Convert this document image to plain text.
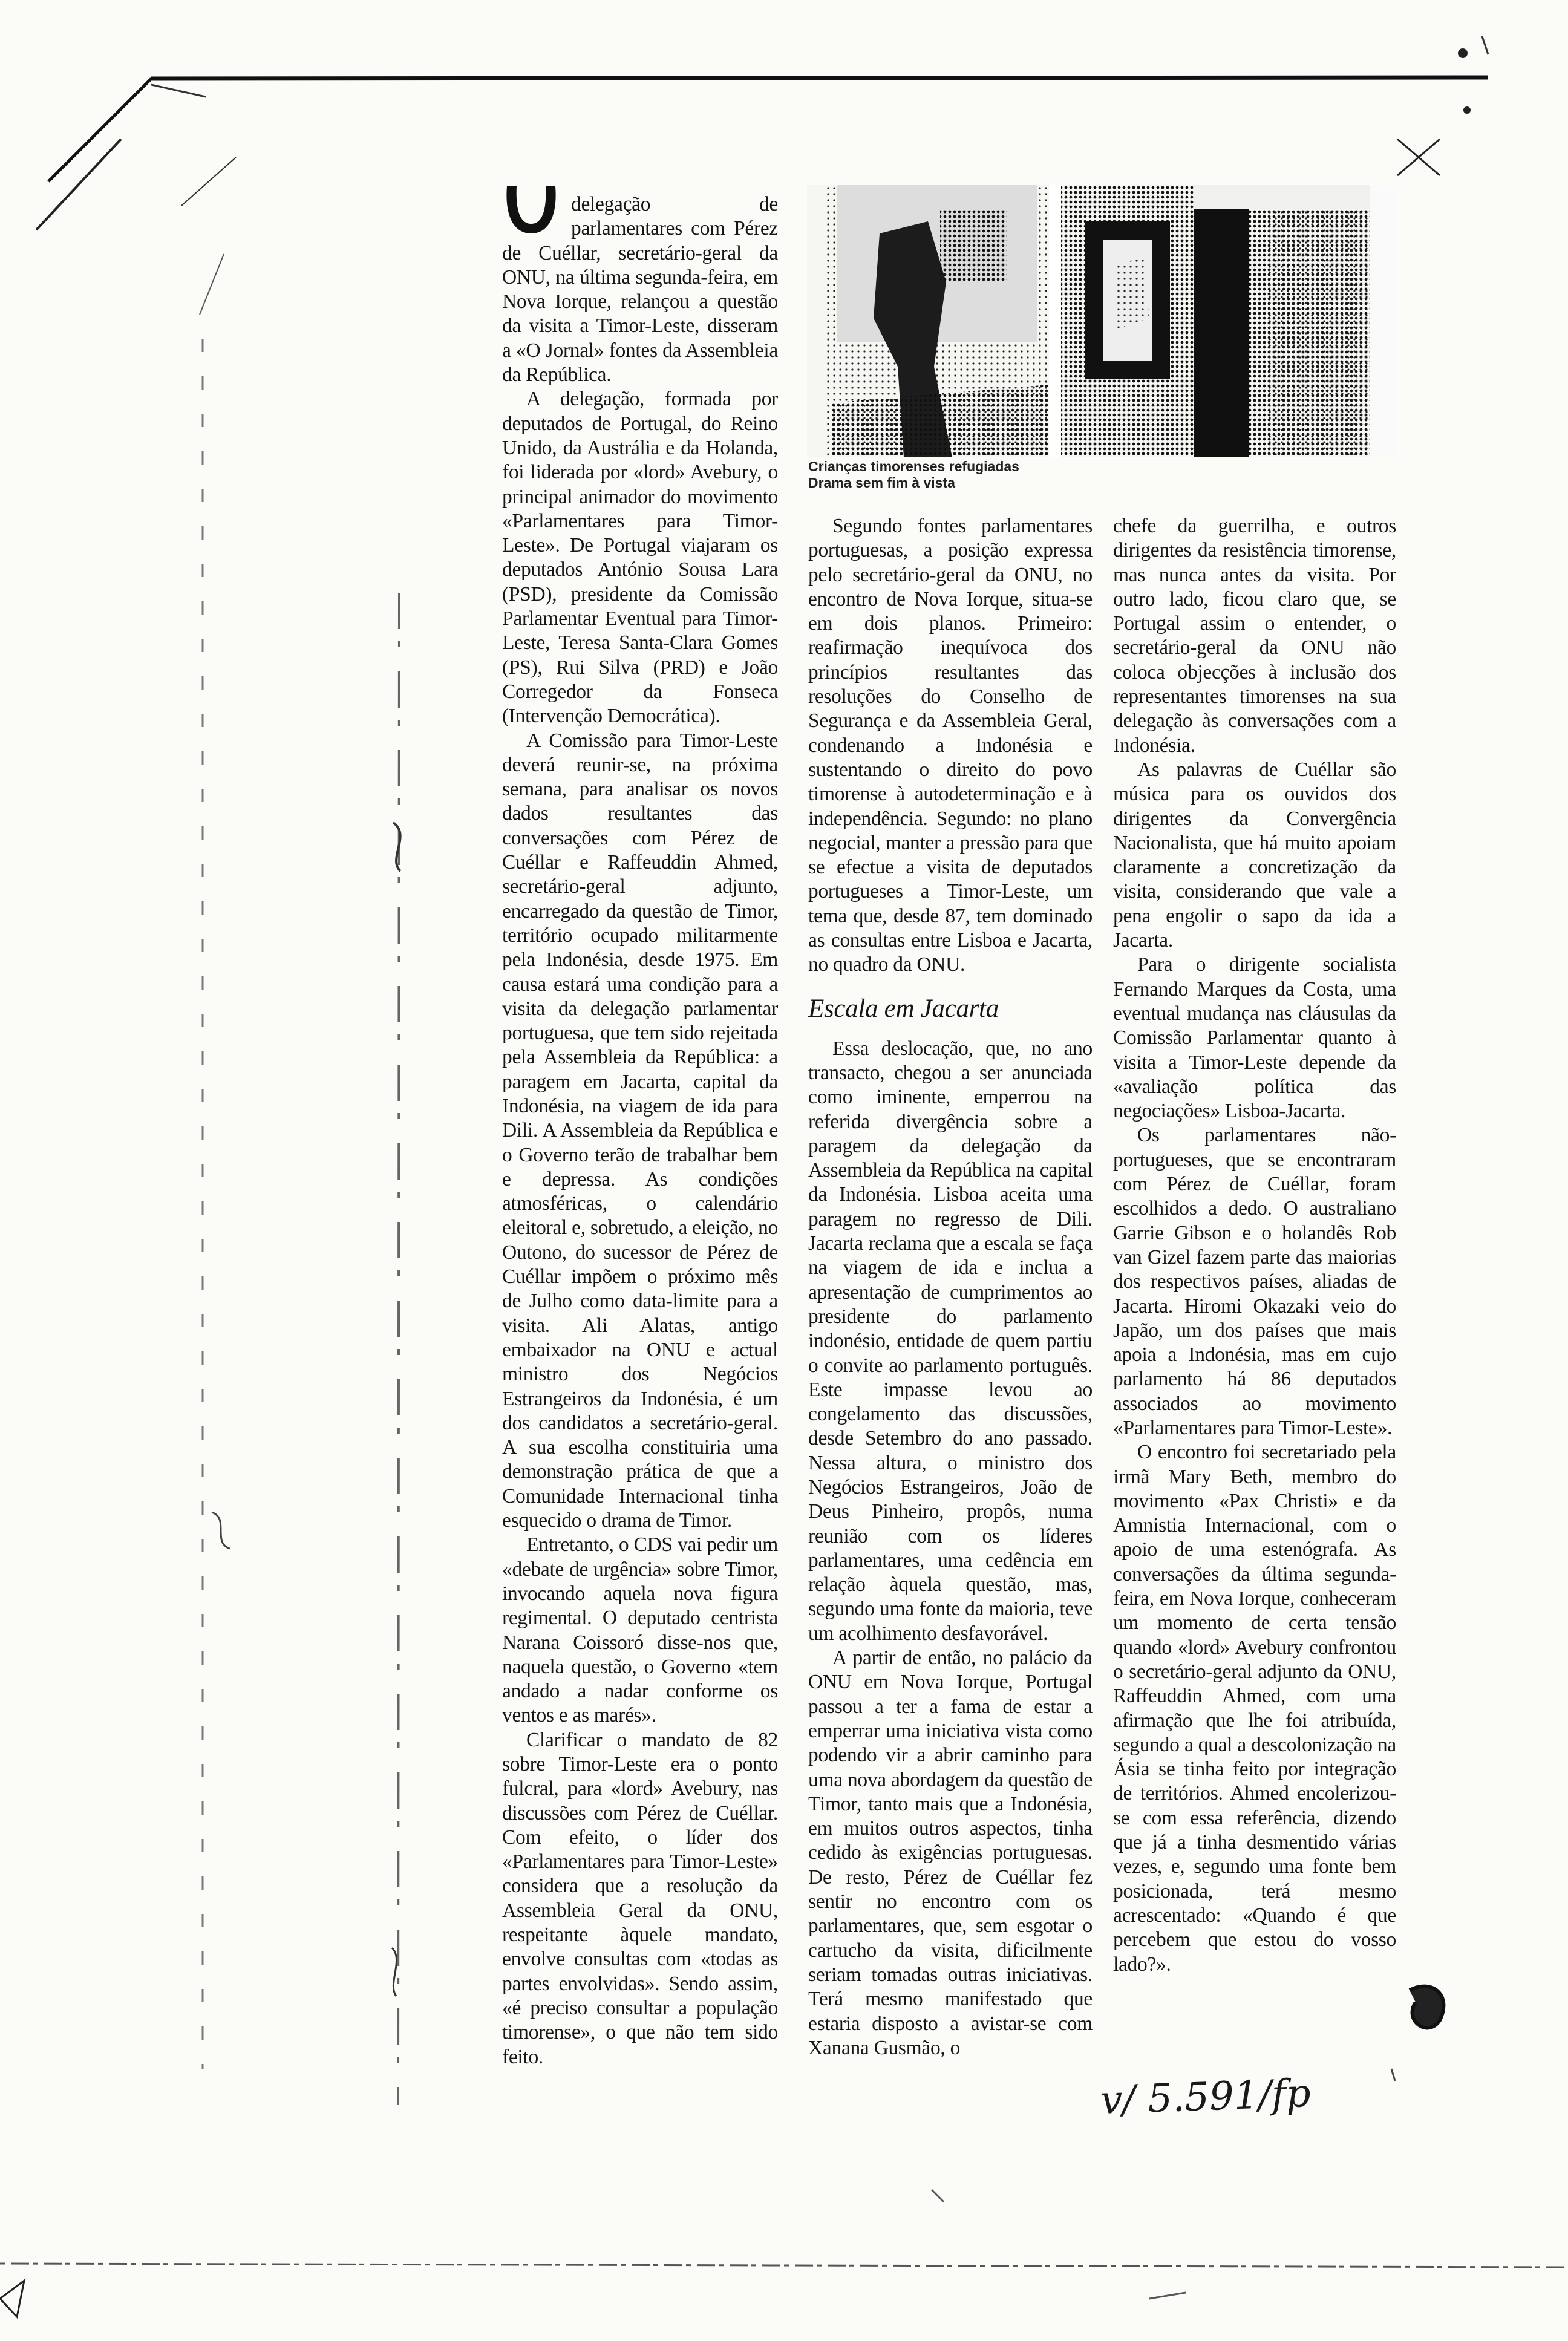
Crianças timorenses refugiadas
Drama sem fim à vista

delegação de parlamentares com Pérez de Cuéllar, secretário-geral da ONU, na última segunda-feira, em Nova Iorque, relançou a questão da visita a Timor-Leste, disseram a «O Jornal» fontes da Assembleia da República.

A delegação, formada por deputados de Portugal, do Reino Unido, da Austrália e da Holanda, foi liderada por «lord» Avebury, o principal animador do movimento «Parlamentares para Timor-Leste». De Portugal viajaram os deputados António Sousa Lara (PSD), presidente da Comissão Parlamentar Eventual para Timor-Leste, Teresa Santa-Clara Gomes (PS), Rui Silva (PRD) e João Corregedor da Fonseca (Intervenção Democrática).

A Comissão para Timor-Leste deverá reunir-se, na próxima semana, para analisar os novos dados resultantes das conversações com Pérez de Cuéllar e Raffeuddin Ahmed, secretário-geral adjunto, encarregado da questão de Timor, território ocupado militarmente pela Indonésia, desde 1975. Em causa estará uma condição para a visita da delegação parlamentar portuguesa, que tem sido rejeitada pela Assembleia da República: a paragem em Jacarta, capital da Indonésia, na viagem de ida para Dili. A Assembleia da República e o Governo terão de trabalhar bem e depressa. As condições atmosféricas, o calendário eleitoral e, sobretudo, a eleição, no Outono, do sucessor de Pérez de Cuéllar impõem o próximo mês de Julho como data-limite para a visita. Ali Alatas, antigo embaixador na ONU e actual ministro dos Negócios Estrangeiros da Indonésia, é um dos candidatos a secretário-geral. A sua escolha constituiria uma demonstração prática de que a Comunidade Internacional tinha esquecido o drama de Timor.

Entretanto, o CDS vai pedir um «debate de urgência» sobre Timor, invocando aquela nova figura regimental. O deputado centrista Narana Coissoró disse-nos que, naquela questão, o Governo «tem andado a nadar conforme os ventos e as marés».

Clarificar o mandato de 82 sobre Timor-Leste era o ponto fulcral, para «lord» Avebury, nas discussões com Pérez de Cuéllar. Com efeito, o líder dos «Parlamentares para Timor-Leste» considera que a resolução da Assembleia Geral da ONU, respeitante àquele mandato, envolve consultas com «todas as partes envolvidas». Sendo assim, «é preciso consultar a população timorense», o que não tem sido feito.

Segundo fontes parlamentares portuguesas, a posição expressa pelo secretário-geral da ONU, no encontro de Nova Iorque, situa-se em dois planos. Primeiro: reafirmação inequívoca dos princípios resultantes das resoluções do Conselho de Segurança e da Assembleia Geral, condenando a Indonésia e sustentando o direito do povo timorense à autodeterminação e à independência. Segundo: no plano negocial, manter a pressão para que se efectue a visita de deputados portugueses a Timor-Leste, um tema que, desde 87, tem dominado as consultas entre Lisboa e Jacarta, no quadro da ONU.

Escala em Jacarta

Essa deslocação, que, no ano transacto, chegou a ser anunciada como iminente, emperrou na referida divergência sobre a paragem da delegação da Assembleia da República na capital da Indonésia. Lisboa aceita uma paragem no regresso de Dili. Jacarta reclama que a escala se faça na viagem de ida e inclua a apresentação de cumprimentos ao presidente do parlamento indonésio, entidade de quem partiu o convite ao parlamento português. Este impasse levou ao congelamento das discussões, desde Setembro do ano passado. Nessa altura, o ministro dos Negócios Estrangeiros, João de Deus Pinheiro, propôs, numa reunião com os líderes parlamentares, uma cedência em relação àquela questão, mas, segundo uma fonte da maioria, teve um acolhimento desfavorável.

A partir de então, no palácio da ONU em Nova Iorque, Portugal passou a ter a fama de estar a emperrar uma iniciativa vista como podendo vir a abrir caminho para uma nova abordagem da questão de Timor, tanto mais que a Indonésia, em muitos outros aspectos, tinha cedido às exigências portuguesas. De resto, Pérez de Cuéllar fez sentir no encontro com os parlamentares, que, sem esgotar o cartucho da visita, dificilmente seriam tomadas outras iniciativas. Terá mesmo manifestado que estaria disposto a avistar-se com Xanana Gusmão, o

chefe da guerrilha, e outros dirigentes da resistência timorense, mas nunca antes da visita. Por outro lado, ficou claro que, se Portugal assim o entender, o secretário-geral da ONU não coloca objecções à inclusão dos representantes timorenses na sua delegação às conversações com a Indonésia.

As palavras de Cuéllar são música para os ouvidos dos dirigentes da Convergência Nacionalista, que há muito apoiam claramente a concretização da visita, considerando que vale a pena engolir o sapo da ida a Jacarta.

Para o dirigente socialista Fernando Marques da Costa, uma eventual mudança nas cláusulas da Comissão Parlamentar quanto à visita a Timor-Leste depende da «avaliação política das negociações» Lisboa-Jacarta.

Os parlamentares não-portugueses, que se encontraram com Pérez de Cuéllar, foram escolhidos a dedo. O australiano Garrie Gibson e o holandês Rob van Gizel fazem parte das maiorias dos respectivos países, aliadas de Jacarta. Hiromi Okazaki veio do Japão, um dos países que mais apoia a Indonésia, mas em cujo parlamento há 86 deputados associados ao movimento «Parlamentares para Timor-Leste».

O encontro foi secretariado pela irmã Mary Beth, membro do movimento «Pax Christi» e da Amnistia Internacional, com o apoio de uma estenógrafa. As conversações da última segunda-feira, em Nova Iorque, conheceram um momento de certa tensão quando «lord» Avebury confrontou o secretário-geral adjunto da ONU, Raffeuddin Ahmed, com uma afirmação que lhe foi atribuída, segundo a qual a descolonização na Ásia se tinha feito por integração de territórios. Ahmed encolerizou-se com essa referência, dizendo que já a tinha desmentido várias vezes, e, segundo uma fonte bem posicionada, terá mesmo acrescentado: «Quando é que percebem que estou do vosso lado?».

v/ 5.591/fp
